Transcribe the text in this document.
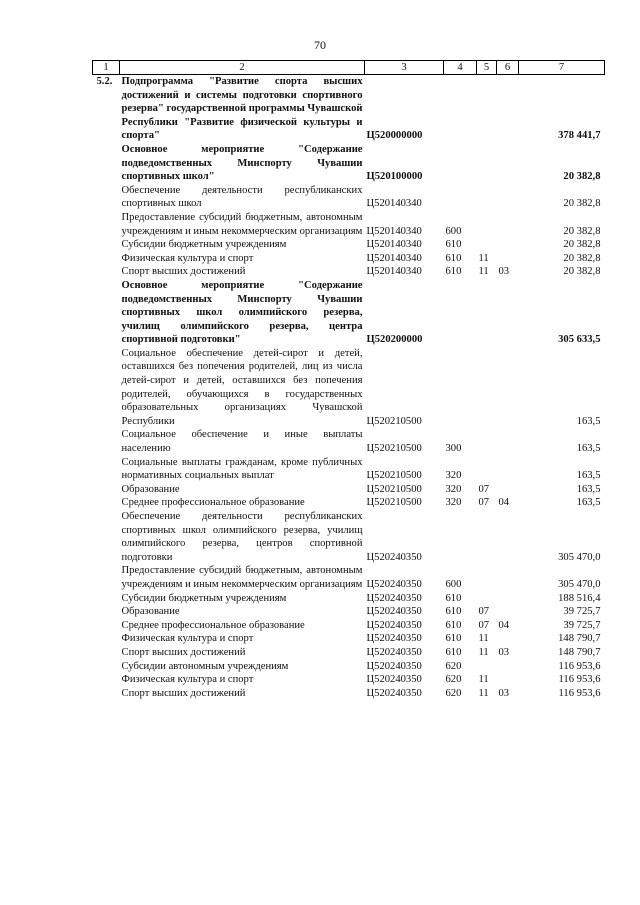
70
1	2	3	4	5	6	7
5.2.	Подпрограмма "Развитие спорта высших достижений и системы подготовки спортивного резерва" государственной программы Чувашской Республики "Развитие физической культуры и спорта"	Ц520000000				378 441,7
	Основное мероприятие "Содержание подведомственных Минспорту Чувашии спортивных школ"	Ц520100000				20 382,8
	Обеспечение деятельности республиканских спортивных школ	Ц520140340				20 382,8
	Предоставление субсидий бюджетным, автономным учреждениям и иным некоммерческим организациям	Ц520140340	600			20 382,8
	Субсидии бюджетным учреждениям	Ц520140340	610			20 382,8
	Физическая культура и спорт	Ц520140340	610	11		20 382,8
	Спорт высших достижений	Ц520140340	610	11	03	20 382,8
	Основное мероприятие "Содержание подведомственных Минспорту Чувашии спортивных школ олимпийского резерва, училищ олимпийского резерва, центра спортивной подготовки"	Ц520200000				305 633,5
	Социальное обеспечение детей-сирот и детей, оставшихся без попечения родителей, лиц из числа детей-сирот и детей, оставшихся без попечения родителей, обучающихся в государственных образовательных организациях Чувашской Республики	Ц520210500				163,5
	Социальное обеспечение и иные выплаты населению	Ц520210500	300			163,5
	Социальные выплаты гражданам, кроме публичных нормативных социальных выплат	Ц520210500	320			163,5
	Образование	Ц520210500	320	07		163,5
	Среднее профессиональное образование	Ц520210500	320	07	04	163,5
	Обеспечение деятельности республиканских спортивных школ олимпийского резерва, училищ олимпийского резерва, центров спортивной подготовки	Ц520240350				305 470,0
	Предоставление субсидий бюджетным, автономным учреждениям и иным некоммерческим организациям	Ц520240350	600			305 470,0
	Субсидии бюджетным учреждениям	Ц520240350	610			188 516,4
	Образование	Ц520240350	610	07		39 725,7
	Среднее профессиональное образование	Ц520240350	610	07	04	39 725,7
	Физическая культура и спорт	Ц520240350	610	11		148 790,7
	Спорт высших достижений	Ц520240350	610	11	03	148 790,7
	Субсидии автономным учреждениям	Ц520240350	620			116 953,6
	Физическая культура и спорт	Ц520240350	620	11		116 953,6
	Спорт высших достижений	Ц520240350	620	11	03	116 953,6
